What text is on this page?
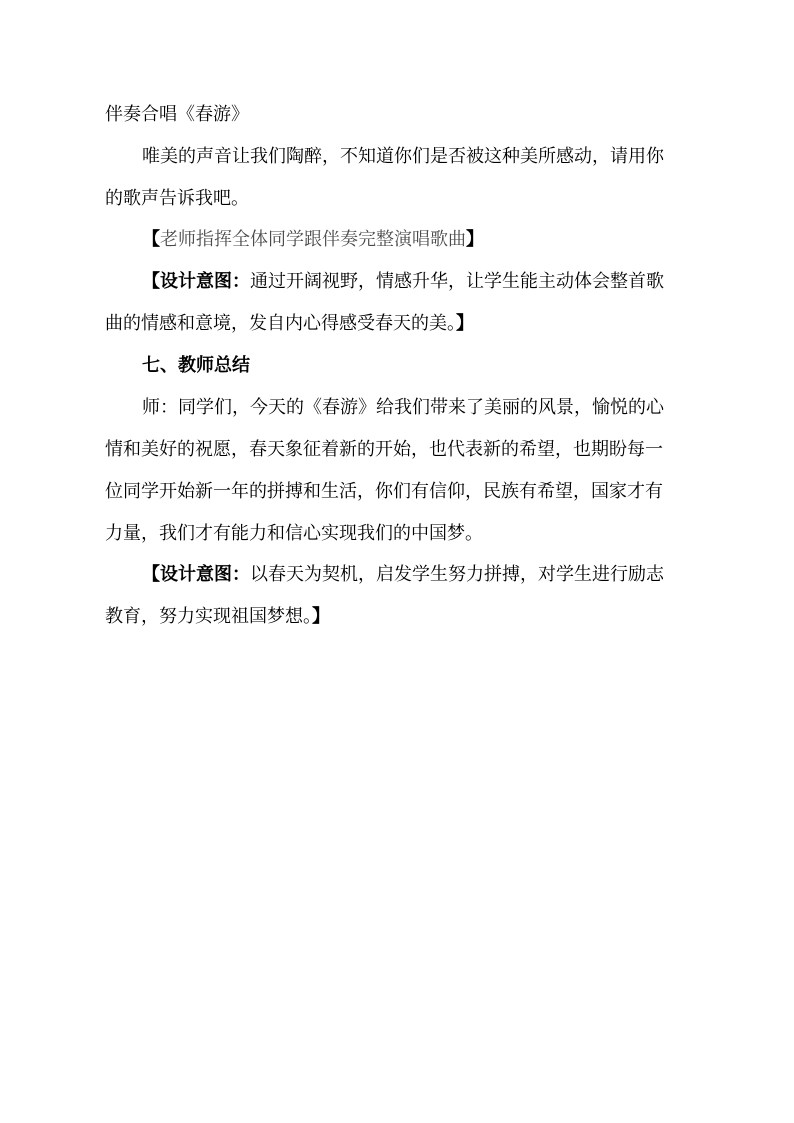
伴奏合唱《春游》
唯美的声音让我们陶醉，不知道你们是否被这种美所感动，请用你
的歌声告诉我吧。
【老师指挥全体同学跟伴奏完整演唱歌曲】
【设计意图：通过开阔视野，情感升华，让学生能主动体会整首歌
曲的情感和意境，发自内心得感受春天的美。】
七、教师总结
师：同学们，今天的《春游》给我们带来了美丽的风景，愉悦的心
情和美好的祝愿，春天象征着新的开始，也代表新的希望，也期盼每一
位同学开始新一年的拼搏和生活，你们有信仰，民族有希望，国家才有
力量，我们才有能力和信心实现我们的中国梦。
【设计意图：以春天为契机，启发学生努力拼搏，对学生进行励志
教育，努力实现祖国梦想。】
